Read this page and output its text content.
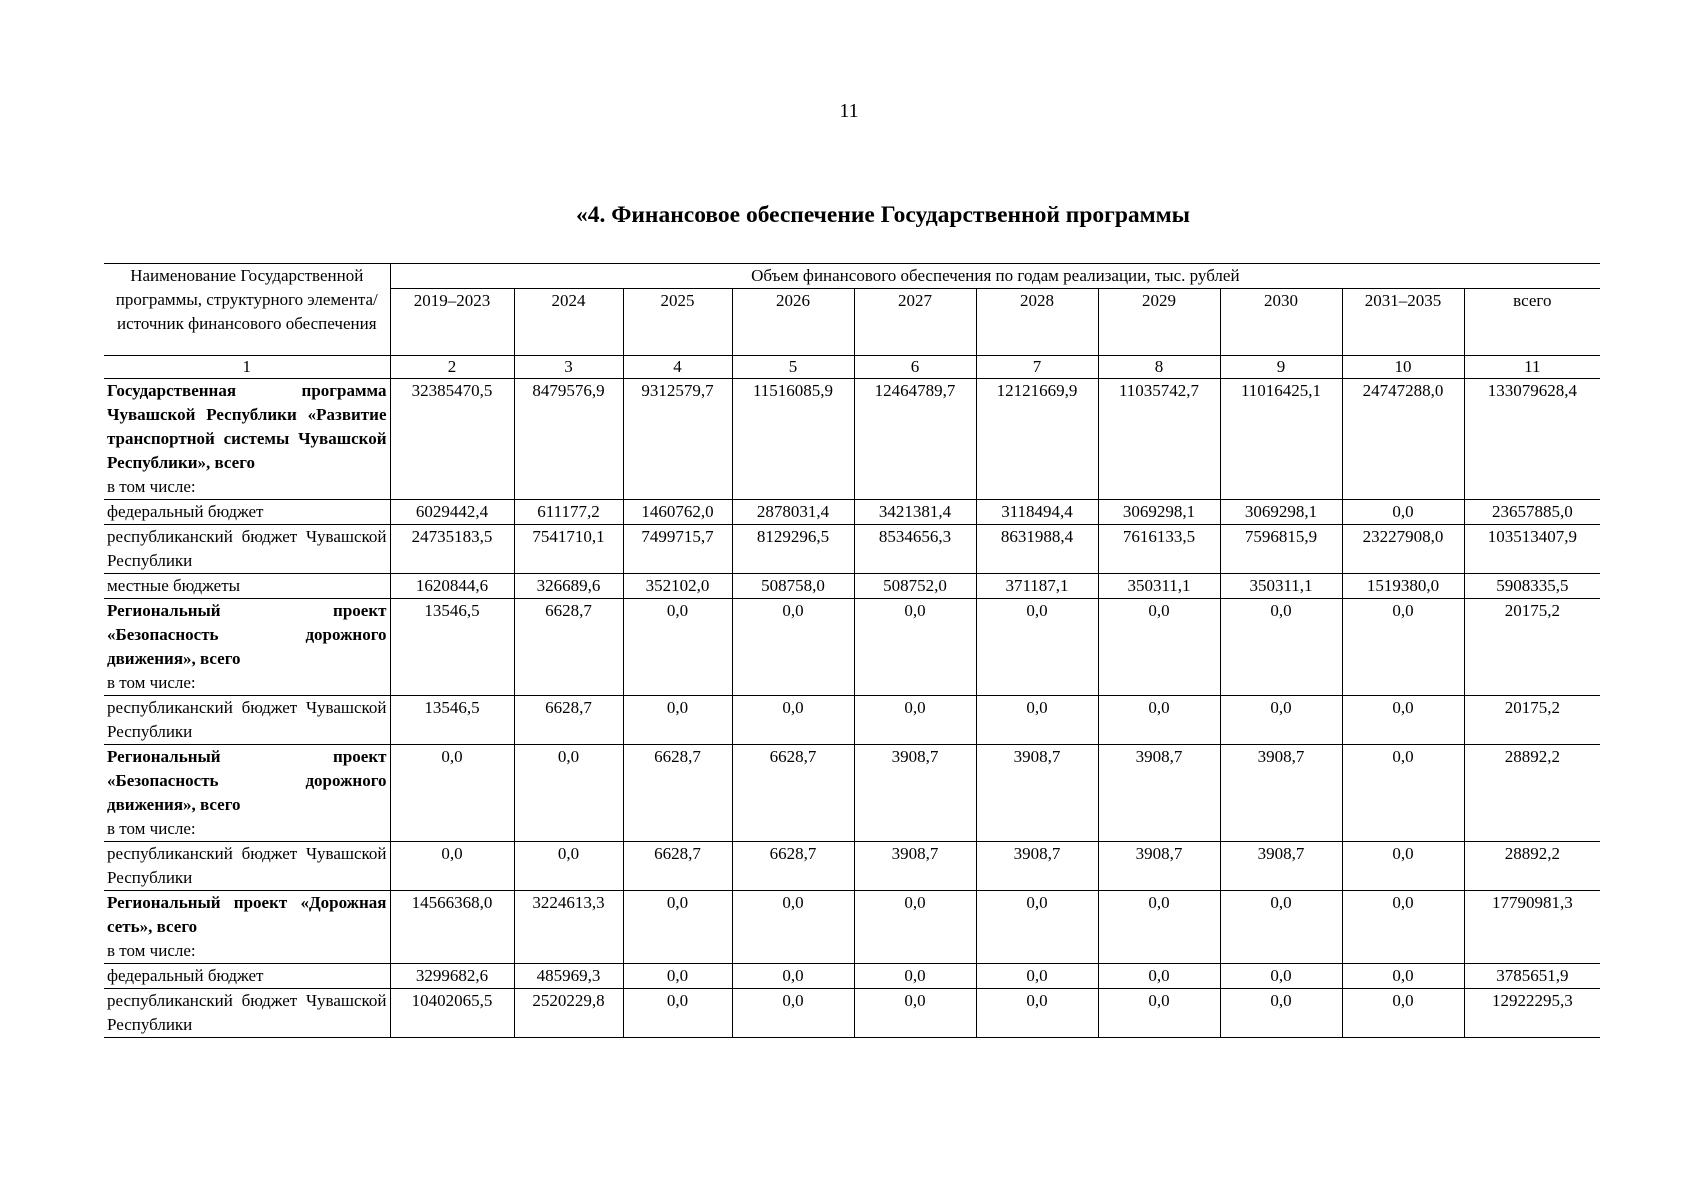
11
«4. Финансовое обеспечение Государственной программы
Наименование Государственной программы, структурного элемента/источник финансового обеспечения	Объем финансового обеспечения по годам реализации, тыс. рублей									
	2019–2023	2024	2025	2026	2027	2028	2029	2030	2031–2035	всего
1	2	3	4	5	6	7	8	9	10	11

Государственная программа Чувашской Республики «Развитие транспортной системы Чувашской Республики», всего
в том числе:	32385470,5	8479576,9	9312579,7	11516085,9	12464789,7	12121669,9	11035742,7	11016425,1	24747288,0	133079628,4
федеральный бюджет	6029442,4	611177,2	1460762,0	2878031,4	3421381,4	3118494,4	3069298,1	3069298,1	0,0	23657885,0
республиканский бюджет Чувашской Республики	24735183,5	7541710,1	7499715,7	8129296,5	8534656,3	8631988,4	7616133,5	7596815,9	23227908,0	103513407,9
местные бюджеты	1620844,6	326689,6	352102,0	508758,0	508752,0	371187,1	350311,1	350311,1	1519380,0	5908335,5

Региональный проект «Безопасность дорожного движения», всего
в том числе:	13546,5	6628,7	0,0	0,0	0,0	0,0	0,0	0,0	0,0	20175,2
республиканский бюджет Чувашской Республики	13546,5	6628,7	0,0	0,0	0,0	0,0	0,0	0,0	0,0	20175,2

Региональный проект «Безопасность дорожного движения», всего
в том числе:	0,0	0,0	6628,7	6628,7	3908,7	3908,7	3908,7	3908,7	0,0	28892,2
республиканский бюджет Чувашской Республики	0,0	0,0	6628,7	6628,7	3908,7	3908,7	3908,7	3908,7	0,0	28892,2

Региональный проект «Дорожная сеть», всего
в том числе:	14566368,0	3224613,3	0,0	0,0	0,0	0,0	0,0	0,0	0,0	17790981,3
федеральный бюджет	3299682,6	485969,3	0,0	0,0	0,0	0,0	0,0	0,0	0,0	3785651,9
республиканский бюджет Чувашской Республики	10402065,5	2520229,8	0,0	0,0	0,0	0,0	0,0	0,0	0,0	12922295,3
